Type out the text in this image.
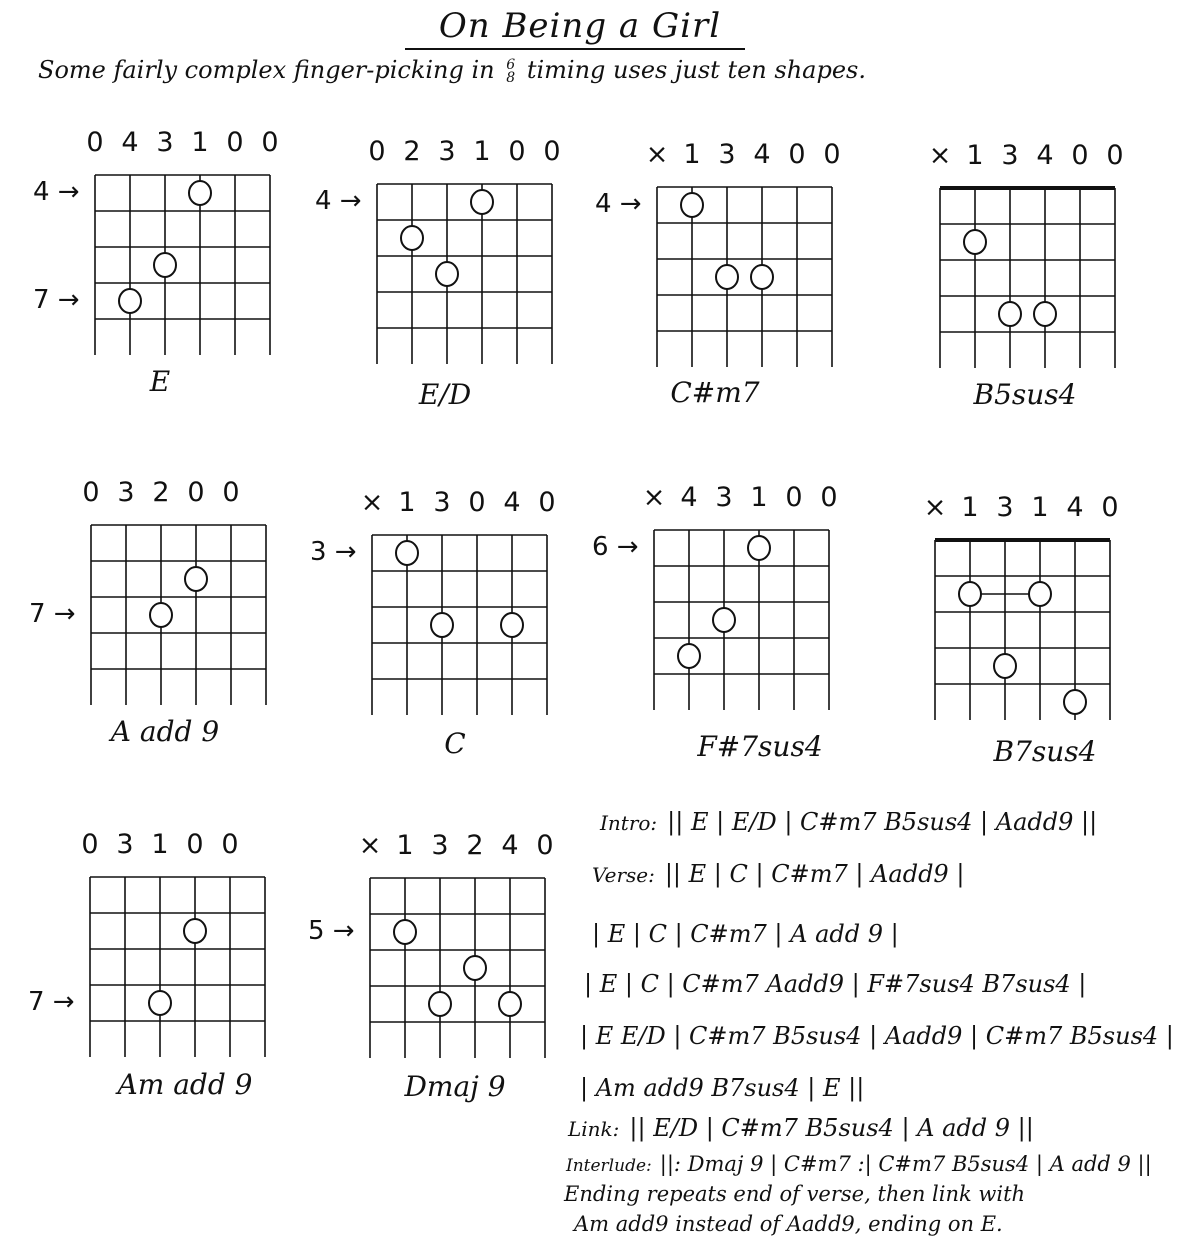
On Being a Girl
Some fairly complex finger-picking in 6
8 timing uses just ten shapes.
Intro: || E | E/D | C#m7 B5sus4 | Aadd9 ||
Verse: || E | C | C#m7 | Aadd9 |
| E | C | C#m7 | A add 9 |
| E | C | C#m7 Aadd9 | F#7sus4 B7sus4 |
| E E/D | C#m7 B5sus4 | Aadd9 | C#m7 B5sus4 |
| Am add9 B7sus4 | E ||
Link: || E/D | C#m7 B5sus4 | A add 9 ||
Interlude: ||: Dmaj 9 | C#m7 :| C#m7 B5sus4 | A add 9 ||
Ending repeats end of verse, then link with
Am add9 instead of Aadd9, ending on E.
0 4 3 1 0 0
4 →
7 →
E
0 2 3 1 0 0
4 →
E/D
× 1 3 4 0 0
4 →
C#m7
× 1 3 4 0 0
B5sus4
0 3 2 0 0
7 →
A add 9
× 1 3 0 4 0
3 →
C
× 4 3 1 0 0
6 →
F#7sus4
× 1 3 1 4 0
B7sus4
0 3 1 0 0
7 →
Am add 9
× 1 3 2 4 0
5 →
Dmaj 9
